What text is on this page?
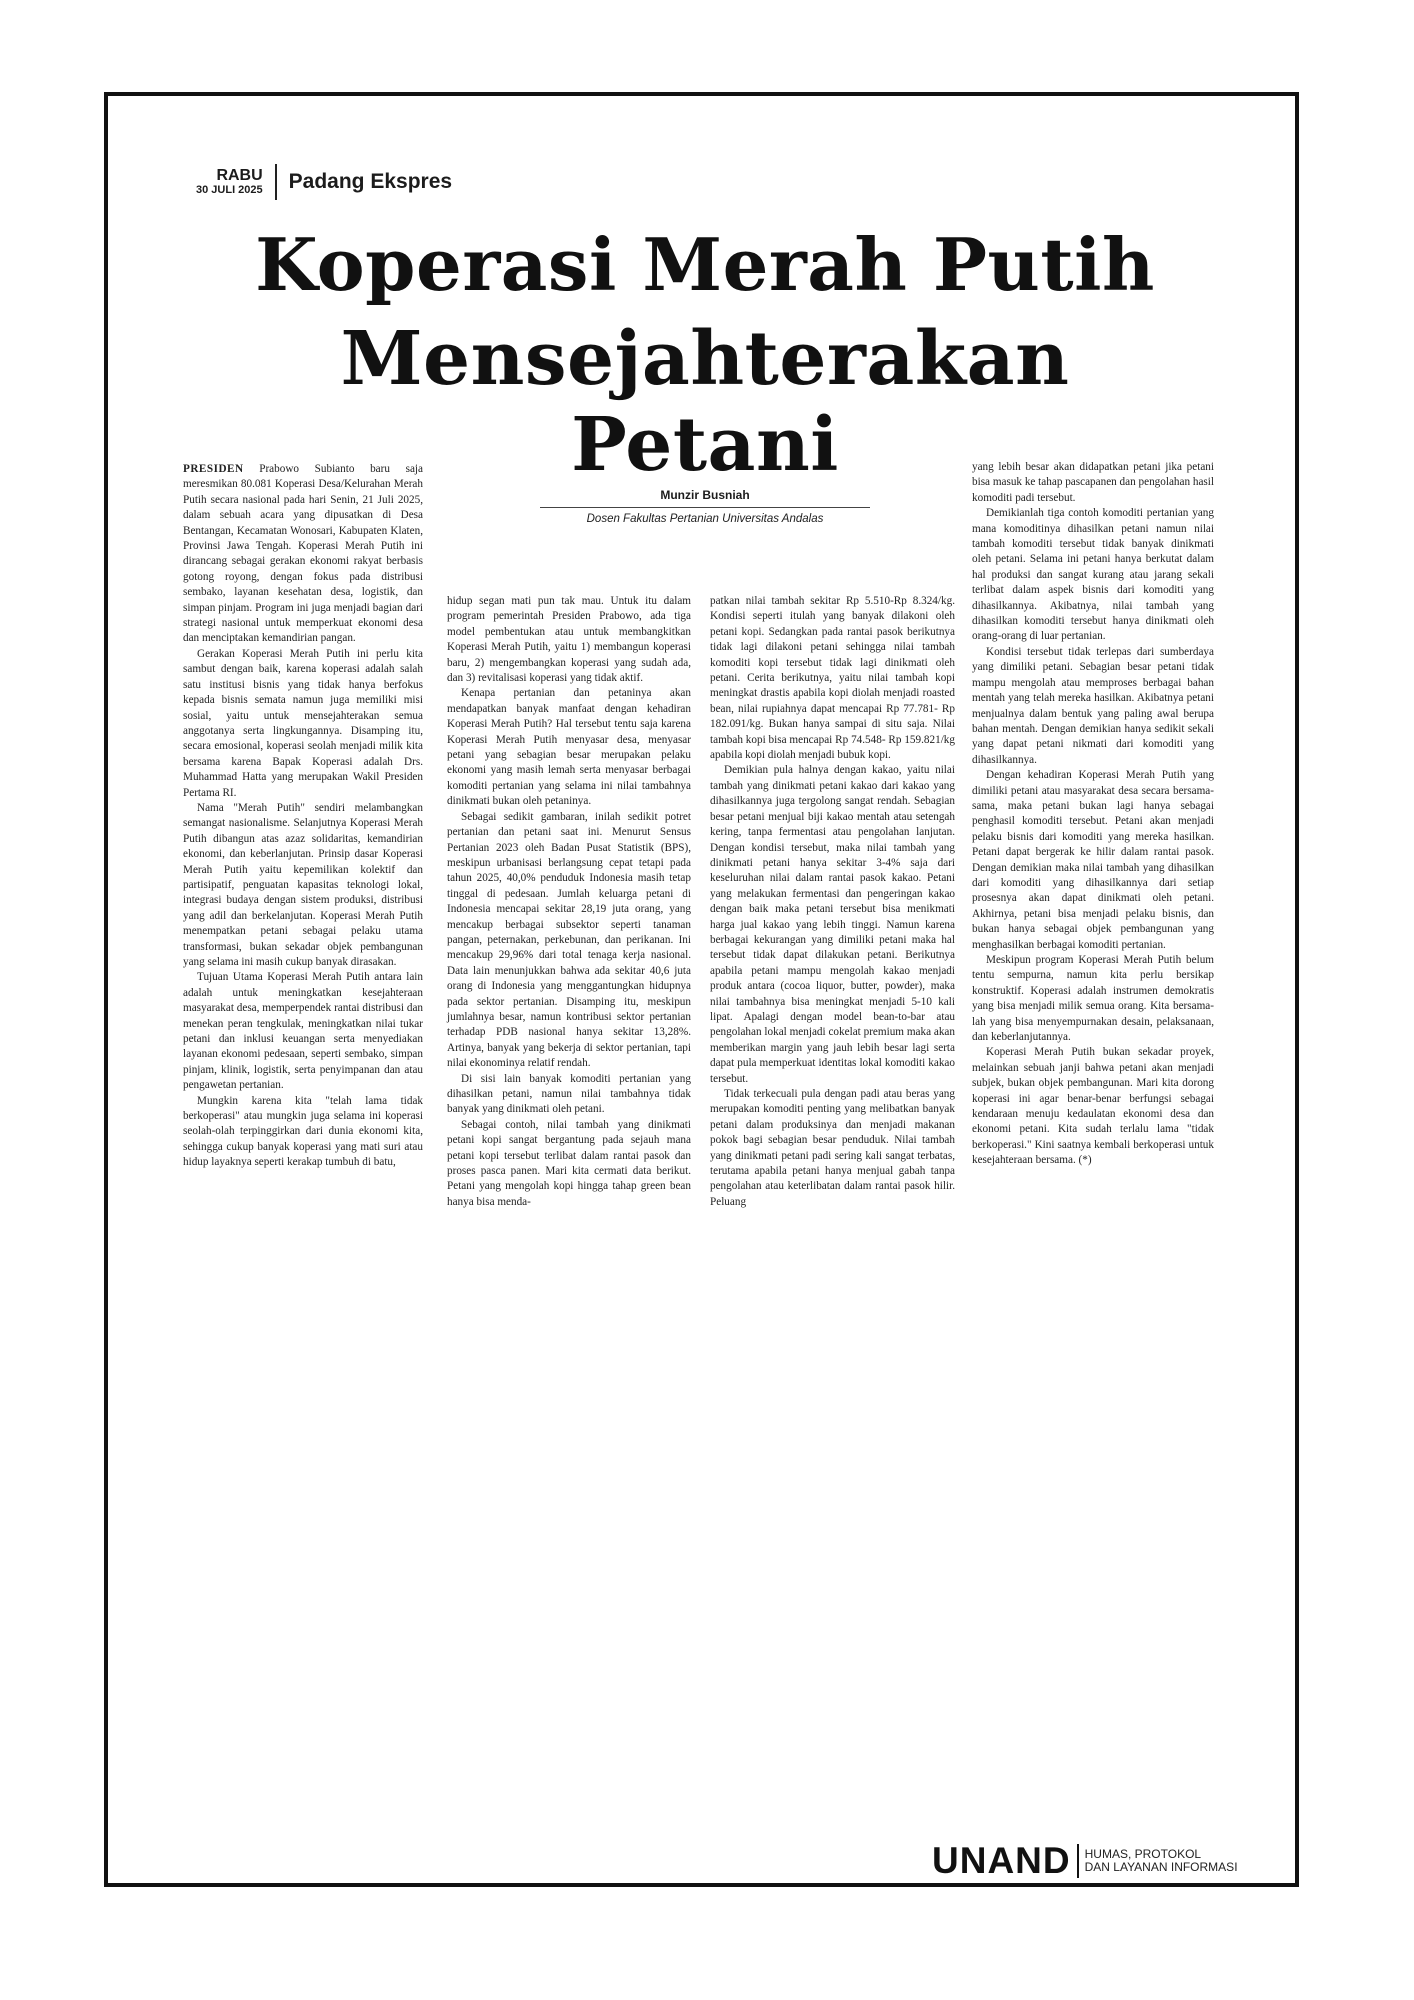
RABU
30 JULI 2025 Padang Ekspres
Koperasi Merah Putih
Mensejahterakan Petani
Munzir Busniah
Dosen Fakultas Pertanian Universitas Andalas

PRESIDEN Prabowo Subianto baru saja meresmikan 80.081 Koperasi Desa/Kelurahan Merah Putih secara nasional pada hari Senin, 21 Juli 2025, dalam sebuah acara yang dipusatkan di Desa Bentangan, Kecamatan Wonosari, Kabupaten Klaten, Provinsi Jawa Tengah. Koperasi Merah Putih ini dirancang sebagai gerakan ekonomi rakyat berbasis gotong royong, dengan fokus pada distribusi sembako, layanan kesehatan desa, logistik, dan simpan pinjam. Program ini juga menjadi bagian dari strategi nasional untuk memperkuat ekonomi desa dan menciptakan kemandirian pangan.

Gerakan Koperasi Merah Putih ini perlu kita sambut dengan baik, karena koperasi adalah salah satu institusi bisnis yang tidak hanya berfokus kepada bisnis semata namun juga memiliki misi sosial, yaitu untuk mensejahterakan semua anggotanya serta lingkungannya. Disamping itu, secara emosional, koperasi seolah menjadi milik kita bersama karena Bapak Koperasi adalah Drs. Muhammad Hatta yang merupakan Wakil Presiden Pertama RI.

Nama "Merah Putih" sendiri melambangkan semangat nasionalisme. Selanjutnya Koperasi Merah Putih dibangun atas azaz solidaritas, kemandirian ekonomi, dan keberlanjutan. Prinsip dasar Koperasi Merah Putih yaitu kepemilikan kolektif dan partisipatif, penguatan kapasitas teknologi lokal, integrasi budaya dengan sistem produksi, distribusi yang adil dan berkelanjutan. Koperasi Merah Putih menempatkan petani sebagai pelaku utama transformasi, bukan sekadar objek pembangunan yang selama ini masih cukup banyak dirasakan.

Tujuan Utama Koperasi Merah Putih antara lain adalah untuk meningkatkan kesejahteraan masyarakat desa, memperpendek rantai distribusi dan menekan peran tengkulak, meningkatkan nilai tukar petani dan inklusi keuangan serta menyediakan layanan ekonomi pedesaan, seperti sembako, simpan pinjam, klinik, logistik, serta penyimpanan dan atau pengawetan pertanian.

Mungkin karena kita "telah lama tidak berkoperasi" atau mungkin juga selama ini koperasi seolah-olah terpinggirkan dari dunia ekonomi kita, sehingga cukup banyak koperasi yang mati suri atau hidup layaknya seperti kerakap tumbuh di batu,

hidup segan mati pun tak mau. Untuk itu dalam program pemerintah Presiden Prabowo, ada tiga model pembentukan atau untuk membangkitkan Koperasi Merah Putih, yaitu 1) membangun koperasi baru, 2) mengembangkan koperasi yang sudah ada, dan 3) revitalisasi koperasi yang tidak aktif.

Kenapa pertanian dan petaninya akan mendapatkan banyak manfaat dengan kehadiran Koperasi Merah Putih? Hal tersebut tentu saja karena Koperasi Merah Putih menyasar desa, menyasar petani yang sebagian besar merupakan pelaku ekonomi yang masih lemah serta menyasar berbagai komoditi pertanian yang selama ini nilai tambahnya dinikmati bukan oleh petaninya.

Sebagai sedikit gambaran, inilah sedikit potret pertanian dan petani saat ini. Menurut Sensus Pertanian 2023 oleh Badan Pusat Statistik (BPS), meskipun urbanisasi berlangsung cepat tetapi pada tahun 2025, 40,0% penduduk Indonesia masih tetap tinggal di pedesaan. Jumlah keluarga petani di Indonesia mencapai sekitar 28,19 juta orang, yang mencakup berbagai subsektor seperti tanaman pangan, peternakan, perkebunan, dan perikanan. Ini mencakup 29,96% dari total tenaga kerja nasional. Data lain menunjukkan bahwa ada sekitar 40,6 juta orang di Indonesia yang menggantungkan hidupnya pada sektor pertanian. Disamping itu, meskipun jumlahnya besar, namun kontribusi sektor pertanian terhadap PDB nasional hanya sekitar 13,28%. Artinya, banyak yang bekerja di sektor pertanian, tapi nilai ekonominya relatif rendah.

Di sisi lain banyak komoditi pertanian yang dihasilkan petani, namun nilai tambahnya tidak banyak yang dinikmati oleh petani.

Sebagai contoh, nilai tambah yang dinikmati petani kopi sangat bergantung pada sejauh mana petani kopi tersebut terlibat dalam rantai pasok dan proses pasca panen. Mari kita cermati data berikut. Petani yang mengolah kopi hingga tahap green bean hanya bisa menda-

patkan nilai tambah sekitar Rp 5.510-Rp 8.324/kg. Kondisi seperti itulah yang banyak dilakoni oleh petani kopi. Sedangkan pada rantai pasok berikutnya tidak lagi dilakoni petani sehingga nilai tambah komoditi kopi tersebut tidak lagi dinikmati oleh petani. Cerita berikutnya, yaitu nilai tambah kopi meningkat drastis apabila kopi diolah menjadi roasted bean, nilai rupiahnya dapat mencapai Rp 77.781- Rp 182.091/kg. Bukan hanya sampai di situ saja. Nilai tambah kopi bisa mencapai Rp 74.548- Rp 159.821/kg apabila kopi diolah menjadi bubuk kopi.

Demikian pula halnya dengan kakao, yaitu nilai tambah yang dinikmati petani kakao dari kakao yang dihasilkannya juga tergolong sangat rendah. Sebagian besar petani menjual biji kakao mentah atau setengah kering, tanpa fermentasi atau pengolahan lanjutan. Dengan kondisi tersebut, maka nilai tambah yang dinikmati petani hanya sekitar 3-4% saja dari keseluruhan nilai dalam rantai pasok kakao. Petani yang melakukan fermentasi dan pengeringan kakao dengan baik maka petani tersebut bisa menikmati harga jual kakao yang lebih tinggi. Namun karena berbagai kekurangan yang dimiliki petani maka hal tersebut tidak dapat dilakukan petani. Berikutnya apabila petani mampu mengolah kakao menjadi produk antara (cocoa liquor, butter, powder), maka nilai tambahnya bisa meningkat menjadi 5-10 kali lipat. Apalagi dengan model bean-to-bar atau pengolahan lokal menjadi cokelat premium maka akan memberikan margin yang jauh lebih besar lagi serta dapat pula memperkuat identitas lokal komoditi kakao tersebut.

Tidak terkecuali pula dengan padi atau beras yang merupakan komoditi penting yang melibatkan banyak petani dalam produksinya dan menjadi makanan pokok bagi sebagian besar penduduk. Nilai tambah yang dinikmati petani padi sering kali sangat terbatas, terutama apabila petani hanya menjual gabah tanpa pengolahan atau keterlibatan dalam rantai pasok hilir. Peluang

yang lebih besar akan didapatkan petani jika petani bisa masuk ke tahap pascapanen dan pengolahan hasil komoditi padi tersebut.

Demikianlah tiga contoh komoditi pertanian yang mana komoditinya dihasilkan petani namun nilai tambah komoditi tersebut tidak banyak dinikmati oleh petani. Selama ini petani hanya berkutat dalam hal produksi dan sangat kurang atau jarang sekali terlibat dalam aspek bisnis dari komoditi yang dihasilkannya. Akibatnya, nilai tambah yang dihasilkan komoditi tersebut hanya dinikmati oleh orang-orang di luar pertanian.

Kondisi tersebut tidak terlepas dari sumberdaya yang dimiliki petani. Sebagian besar petani tidak mampu mengolah atau memproses berbagai bahan mentah yang telah mereka hasilkan. Akibatnya petani menjualnya dalam bentuk yang paling awal berupa bahan mentah. Dengan demikian hanya sedikit sekali yang dapat petani nikmati dari komoditi yang dihasilkannya.

Dengan kehadiran Koperasi Merah Putih yang dimiliki petani atau masyarakat desa secara bersama-sama, maka petani bukan lagi hanya sebagai penghasil komoditi tersebut. Petani akan menjadi pelaku bisnis dari komoditi yang mereka hasilkan. Petani dapat bergerak ke hilir dalam rantai pasok. Dengan demikian maka nilai tambah yang dihasilkan dari komoditi yang dihasilkannya dari setiap prosesnya akan dapat dinikmati oleh petani. Akhirnya, petani bisa menjadi pelaku bisnis, dan bukan hanya sebagai objek pembangunan yang menghasilkan berbagai komoditi pertanian.

Meskipun program Koperasi Merah Putih belum tentu sempurna, namun kita perlu bersikap konstruktif. Koperasi adalah instrumen demokratis yang bisa menjadi milik semua orang. Kita bersama-lah yang bisa menyempurnakan desain, pelaksanaan, dan keberlanjutannya.

Koperasi Merah Putih bukan sekadar proyek, melainkan sebuah janji bahwa petani akan menjadi subjek, bukan objek pembangunan. Mari kita dorong koperasi ini agar benar-benar berfungsi sebagai kendaraan menuju kedaulatan ekonomi desa dan ekonomi petani. Kita sudah terlalu lama "tidak berkoperasi." Kini saatnya kembali berkoperasi untuk kesejahteraan bersama. (*)

UNAND HUMAS, PROTOKOL
DAN LAYANAN INFORMASI
